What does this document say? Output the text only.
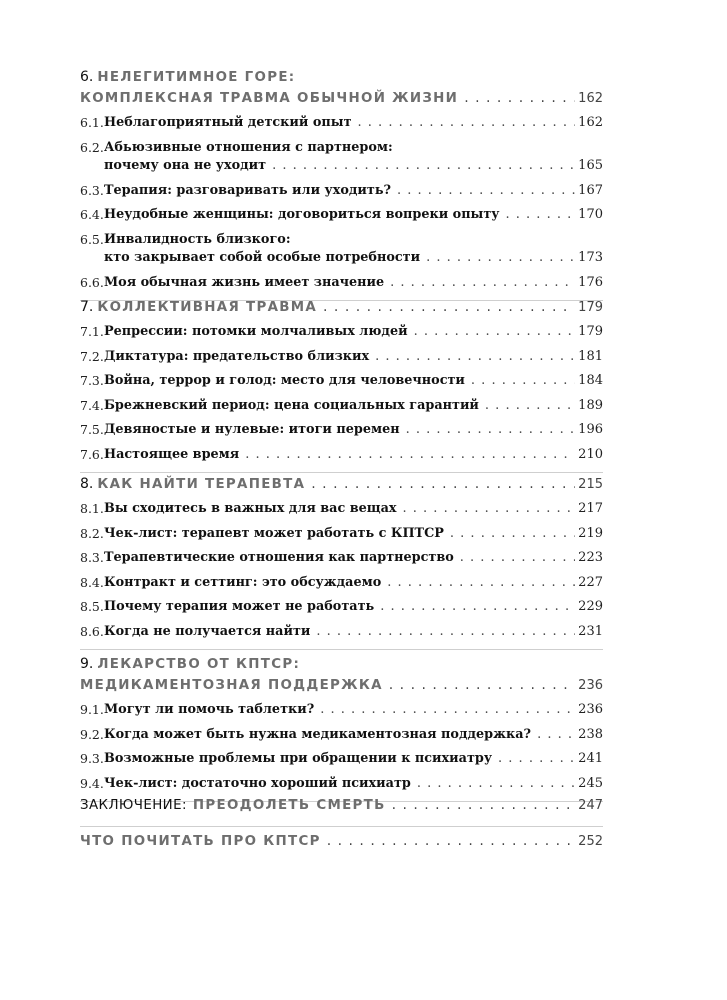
6. НЕЛЕГИТИМНОЕ ГОРЕ:
КОМПЛЕКСНАЯ ТРАВМА ОБЫЧНОЙ ЖИЗНИ . . .	162
6.1. Неблагоприятный детский опыт . . .	162
6.2. Абьюзивные отношения с партнером:
почему она не уходит . . .	165
6.3. Терапия: разговаривать или уходить? . . .	167
6.4. Неудобные женщины: договориться вопреки опыту . . .	170
6.5. Инвалидность близкого:
кто закрывает собой особые потребности . . .	173
6.6. Моя обычная жизнь имеет значение . . .	176
7. КОЛЛЕКТИВНАЯ ТРАВМА . . .	179
7.1. Репрессии: потомки молчаливых людей . . .	179
7.2. Диктатура: предательство близких . . .	181
7.3. Война, террор и голод: место для человечности . . .	184
7.4. Брежневский период: цена социальных гарантий . . .	189
7.5. Девяностые и нулевые: итоги перемен . . .	196
7.6. Настоящее время . . .	210
8. КАК НАЙТИ ТЕРАПЕВТА . . .	215
8.1. Вы сходитесь в важных для вас вещах . . .	217
8.2. Чек-лист: терапевт может работать с КПТСР . . .	219
8.3. Терапевтические отношения как партнерство . . .	223
8.4. Контракт и сеттинг: это обсуждаемо . . .	227
8.5. Почему терапия может не работать . . .	229
8.6. Когда не получается найти . . .	231
9. ЛЕКАРСТВО ОТ КПТСР:
МЕДИКАМЕНТОЗНАЯ ПОДДЕРЖКА . . .	236
9.1. Могут ли помочь таблетки? . . .	236
9.2. Когда может быть нужна медикаментозная поддержка? . . .	238
9.3. Возможные проблемы при обращении к психиатру . . .	241
9.4. Чек-лист: достаточно хороший психиатр . . .	245
ЗАКЛЮЧЕНИЕ: ПРЕОДОЛЕТЬ СМЕРТЬ . . .	247
ЧТО ПОЧИТАТЬ ПРО КПТСР . . .	252
